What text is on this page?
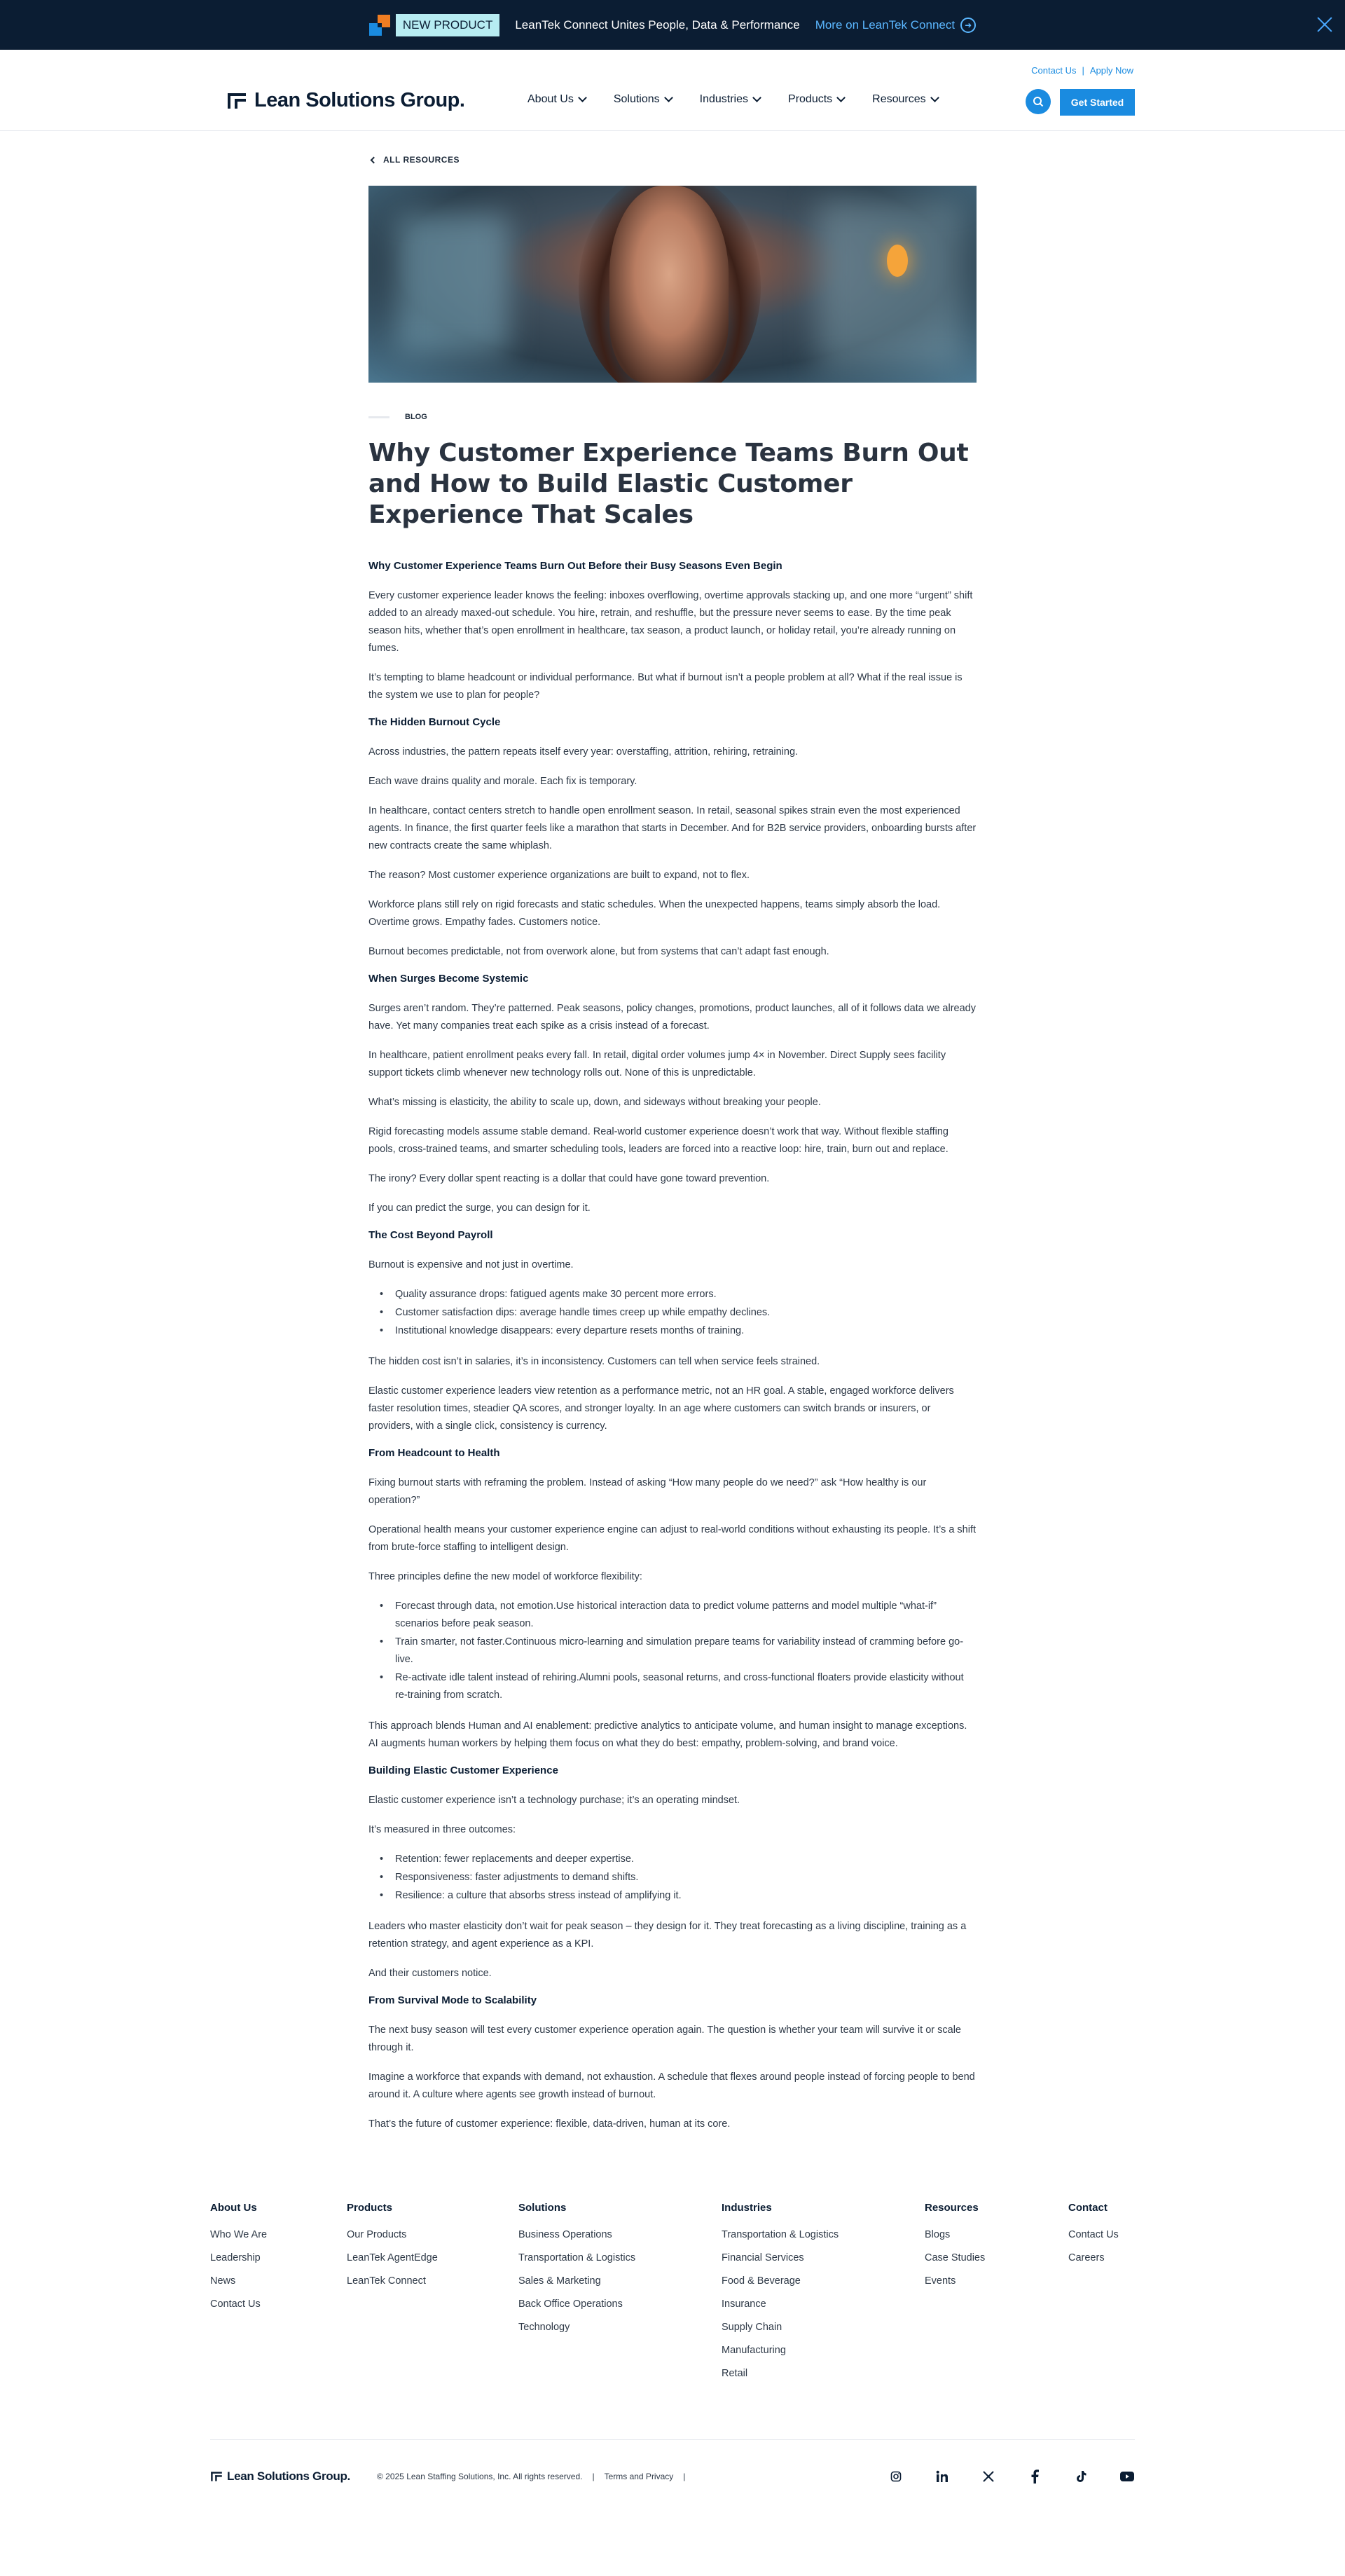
NEW PRODUCT	LeanTek Connect Unites People, Data & Performance More on LeanTek Connect	➜
Contact Us | Apply Now
Lean Solutions Group.	About Us	Solutions	Industries	Products	Resources	Get Started
ALL RESOURCES
BLOG
Why Customer Experience Teams Burn Out and How to Build Elastic Customer Experience That Scales
Why Customer Experience Teams Burn Out Before their Busy Seasons Even Begin

Every customer experience leader knows the feeling: inboxes overflowing, overtime approvals stacking up, and one more “urgent” shift added to an already maxed-out schedule. You hire, retrain, and reshuffle, but the pressure never seems to ease. By the time peak season hits, whether that’s open enrollment in healthcare, tax season, a product launch, or holiday retail, you’re already running on fumes.

It’s tempting to blame headcount or individual performance. But what if burnout isn’t a people problem at all? What if the real issue is the system we use to plan for people?

The Hidden Burnout Cycle

Across industries, the pattern repeats itself every year: overstaffing, attrition, rehiring, retraining.

Each wave drains quality and morale. Each fix is temporary.

In healthcare, contact centers stretch to handle open enrollment season. In retail, seasonal spikes strain even the most experienced agents. In finance, the first quarter feels like a marathon that starts in December. And for B2B service providers, onboarding bursts after new contracts create the same whiplash.

The reason? Most customer experience organizations are built to expand, not to flex.

Workforce plans still rely on rigid forecasts and static schedules. When the unexpected happens, teams simply absorb the load. Overtime grows. Empathy fades. Customers notice.

Burnout becomes predictable, not from overwork alone, but from systems that can’t adapt fast enough.

When Surges Become Systemic

Surges aren’t random. They’re patterned. Peak seasons, policy changes, promotions, product launches, all of it follows data we already have. Yet many companies treat each spike as a crisis instead of a forecast.

In healthcare, patient enrollment peaks every fall. In retail, digital order volumes jump 4× in November. Direct Supply sees facility support tickets climb whenever new technology rolls out. None of this is unpredictable.

What’s missing is elasticity, the ability to scale up, down, and sideways without breaking your people.

Rigid forecasting models assume stable demand. Real-world customer experience doesn’t work that way. Without flexible staffing pools, cross-trained teams, and smarter scheduling tools, leaders are forced into a reactive loop: hire, train, burn out and replace.

The irony? Every dollar spent reacting is a dollar that could have gone toward prevention.

If you can predict the surge, you can design for it.

The Cost Beyond Payroll

Burnout is expensive and not just in overtime.

• Quality assurance drops: fatigued agents make 30 percent more errors.
• Customer satisfaction dips: average handle times creep up while empathy declines.
• Institutional knowledge disappears: every departure resets months of training.

The hidden cost isn’t in salaries, it’s in inconsistency. Customers can tell when service feels strained.

Elastic customer experience leaders view retention as a performance metric, not an HR goal. A stable, engaged workforce delivers faster resolution times, steadier QA scores, and stronger loyalty. In an age where customers can switch brands or insurers, or providers, with a single click, consistency is currency.

From Headcount to Health

Fixing burnout starts with reframing the problem. Instead of asking “How many people do we need?” ask “How healthy is our operation?”

Operational health means your customer experience engine can adjust to real-world conditions without exhausting its people. It’s a shift from brute-force staffing to intelligent design.

Three principles define the new model of workforce flexibility:

• Forecast through data, not emotion.Use historical interaction data to predict volume patterns and model multiple “what-if” scenarios before peak season.
• Train smarter, not faster.Continuous micro-learning and simulation prepare teams for variability instead of cramming before go-live.
• Re-activate idle talent instead of rehiring.Alumni pools, seasonal returns, and cross-functional floaters provide elasticity without re-training from scratch.

This approach blends Human and AI enablement: predictive analytics to anticipate volume, and human insight to manage exceptions. AI augments human workers by helping them focus on what they do best: empathy, problem-solving, and brand voice.

Building Elastic Customer Experience

Elastic customer experience isn’t a technology purchase; it’s an operating mindset.

It’s measured in three outcomes:

• Retention: fewer replacements and deeper expertise.
• Responsiveness: faster adjustments to demand shifts.
• Resilience: a culture that absorbs stress instead of amplifying it.

Leaders who master elasticity don’t wait for peak season – they design for it. They treat forecasting as a living discipline, training as a retention strategy, and agent experience as a KPI.

And their customers notice.

From Survival Mode to Scalability

The next busy season will test every customer experience operation again. The question is whether your team will survive it or scale through it.

Imagine a workforce that expands with demand, not exhaustion. A schedule that flexes around people instead of forcing people to bend around it. A culture where agents see growth instead of burnout.

That’s the future of customer experience: flexible, data-driven, human at its core.

About Us
Who We Are
Leadership
News
Contact Us
Products
Our Products
LeanTek AgentEdge
LeanTek Connect
Solutions
Business Operations
Transportation & Logistics
Sales & Marketing
Back Office Operations
Technology
Industries
Transportation & Logistics
Financial Services
Food & Beverage
Insurance
Supply Chain
Manufacturing
Retail
Resources
Blogs
Case Studies
Events
Contact
Contact Us
Careers
Lean Solutions Group.	© 2025 Lean Staffing Solutions, Inc. All rights reserved. | Terms and Privacy |
